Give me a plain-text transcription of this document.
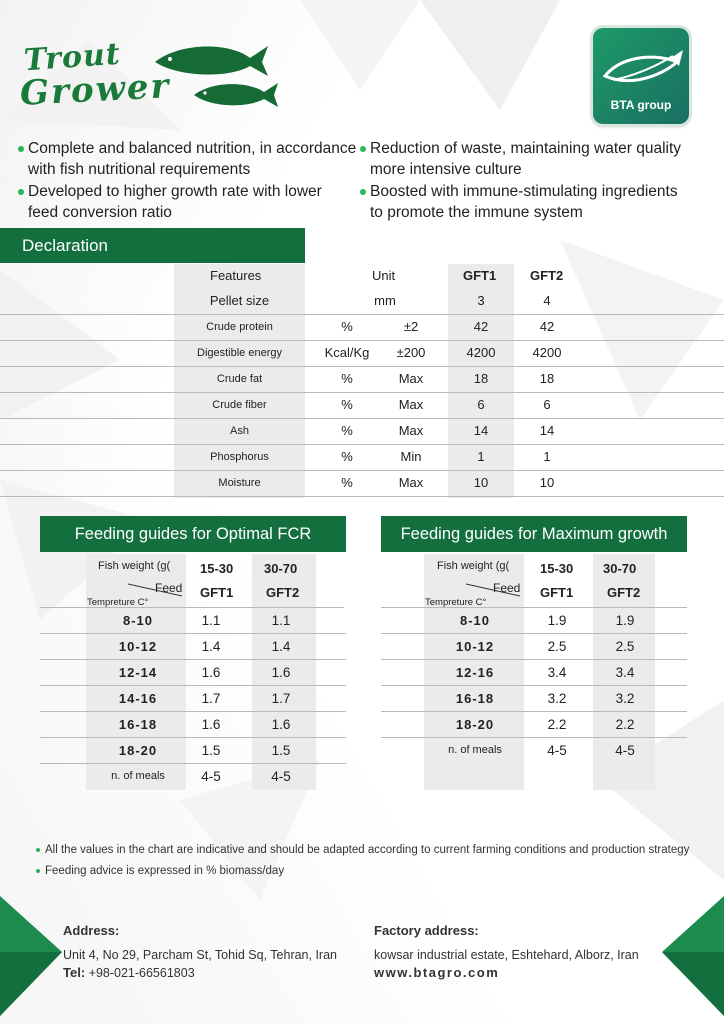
Trout
Grower	BTA group
Complete and balanced nutrition, in accordance
with fish nutritional requirements
Developed to higher growth rate with lower
feed conversion ratio
Reduction of waste, maintaining water quality
more intensive culture
Boosted with immune-stimulating ingredients
to promote the immune system
Declaration
Features	Unit	GFT1	GFT2
Pellet size	mm	3	4
Crude protein	%	±2	42	42
Digestible energy	Kcal/Kg	±200	4200	4200
Crude fat	%	Max	18	18
Crude fiber	%	Max	6	6
Ash	%	Max	14	14
Phosphorus	%	Min	1	1
Moisture	%	Max	10	10
Feeding guides for Optimal FCR
Fish weight (g( 15-30 30-70
Feed
Tempreture C°
GFT1	GFT2
8-10	1.1	1.1
10-12	1.4	1.4
12-14	1.6	1.6
14-16	1.7	1.7
16-18	1.6	1.6
18-20	1.5	1.5
n. of meals	4-5	4-5
Feeding guides for Maximum growth
Fish weight (g( 15-30 30-70
Feed
Tempreture C°
GFT1	GFT2
8-10	1.9	1.9
10-12	2.5	2.5
12-16	3.4	3.4
16-18	3.2	3.2
18-20	2.2	2.2
n. of meals	4-5	4-5
All the values in the chart are indicative and should be adapted according to current farming conditions and production strategy
Feeding advice is expressed in % biomass/day
Address:
Unit 4, No 29, Parcham St, Tohid Sq, Tehran, Iran
Tel: +98-021-66561803
Factory address:
kowsar industrial estate, Eshtehard, Alborz, Iran
www.btagro.com
